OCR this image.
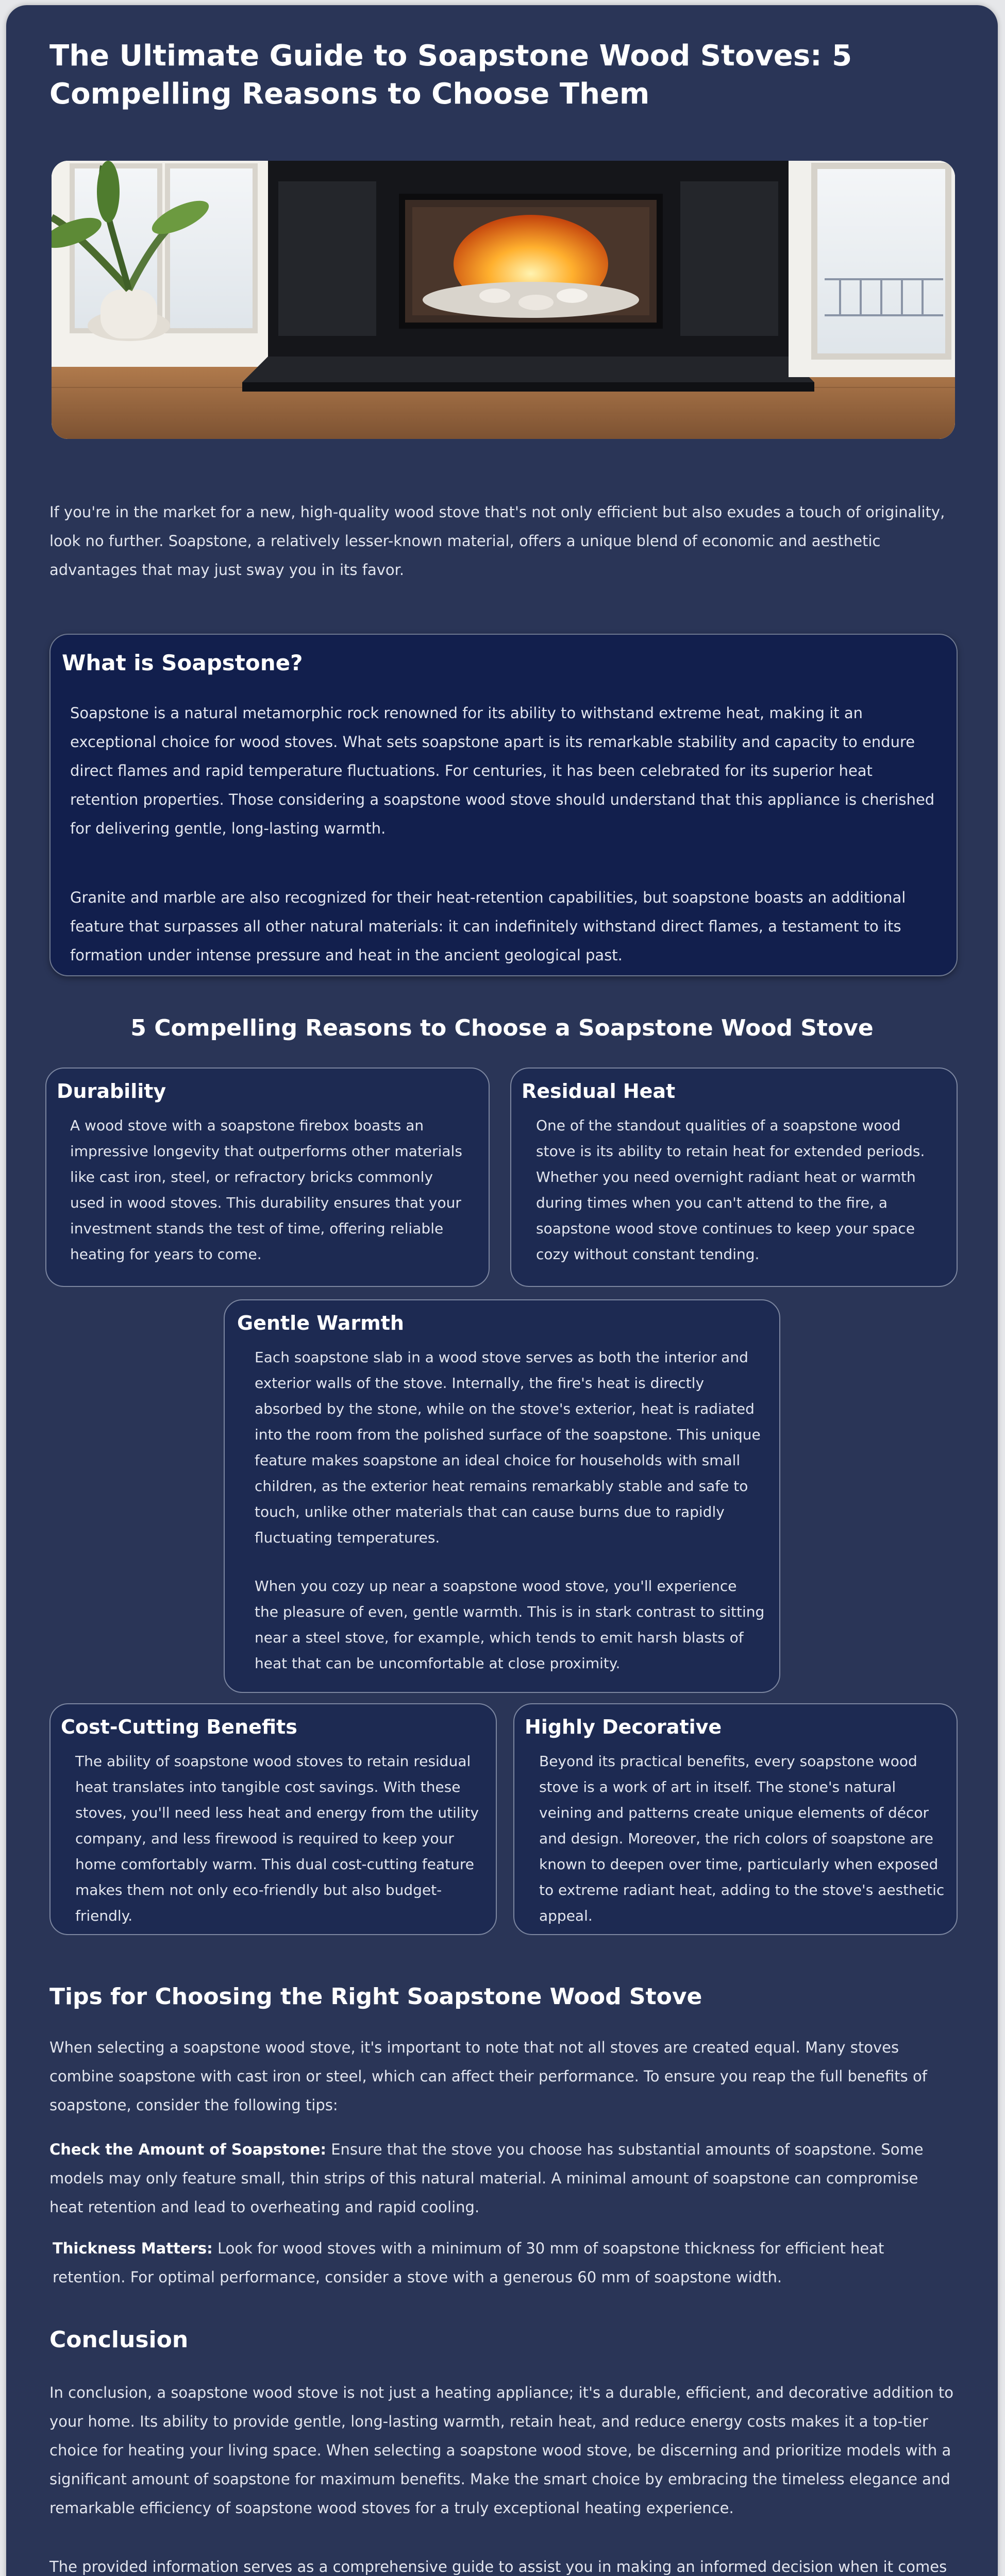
The Ultimate Guide to Soapstone Wood Stoves: 5 Compelling Reasons to Choose Them

If you're in the market for a new, high-quality wood stove that's not only efficient but also exudes a touch of originality, look no further. Soapstone, a relatively lesser-known material, offers a unique blend of economic and aesthetic advantages that may just sway you in its favor.

What is Soapstone?

Soapstone is a natural metamorphic rock renowned for its ability to withstand extreme heat, making it an exceptional choice for wood stoves. What sets soapstone apart is its remarkable stability and capacity to endure direct flames and rapid temperature fluctuations. For centuries, it has been celebrated for its superior heat retention properties. Those considering a soapstone wood stove should understand that this appliance is cherished for delivering gentle, long-lasting warmth.

Granite and marble are also recognized for their heat-retention capabilities, but soapstone boasts an additional feature that surpasses all other natural materials: it can indefinitely withstand direct flames, a testament to its formation under intense pressure and heat in the ancient geological past.

5 Compelling Reasons to Choose a Soapstone Wood Stove
Durability

A wood stove with a soapstone firebox boasts an impressive longevity that outperforms other materials like cast iron, steel, or refractory bricks commonly used in wood stoves. This durability ensures that your investment stands the test of time, offering reliable heating for years to come.

Residual Heat

One of the standout qualities of a soapstone wood stove is its ability to retain heat for extended periods. Whether you need overnight radiant heat or warmth during times when you can't attend to the fire, a soapstone wood stove continues to keep your space cozy without constant tending.

Gentle Warmth

Each soapstone slab in a wood stove serves as both the interior and exterior walls of the stove. Internally, the fire's heat is directly absorbed by the stone, while on the stove's exterior, heat is radiated into the room from the polished surface of the soapstone. This unique feature makes soapstone an ideal choice for households with small children, as the exterior heat remains remarkably stable and safe to touch, unlike other materials that can cause burns due to rapidly fluctuating temperatures.

When you cozy up near a soapstone wood stove, you'll experience the pleasure of even, gentle warmth. This is in stark contrast to sitting near a steel stove, for example, which tends to emit harsh blasts of heat that can be uncomfortable at close proximity.

Cost-Cutting Benefits

The ability of soapstone wood stoves to retain residual heat translates into tangible cost savings. With these stoves, you'll need less heat and energy from the utility company, and less firewood is required to keep your home comfortably warm. This dual cost-cutting feature makes them not only eco-friendly but also budget-friendly.

Highly Decorative

Beyond its practical benefits, every soapstone wood stove is a work of art in itself. The stone's natural veining and patterns create unique elements of décor and design. Moreover, the rich colors of soapstone are known to deepen over time, particularly when exposed to extreme radiant heat, adding to the stove's aesthetic appeal.

Tips for Choosing the Right Soapstone Wood Stove

When selecting a soapstone wood stove, it's important to note that not all stoves are created equal. Many stoves combine soapstone with cast iron or steel, which can affect their performance. To ensure you reap the full benefits of soapstone, consider the following tips:

Check the Amount of Soapstone: Ensure that the stove you choose has substantial amounts of soapstone. Some models may only feature small, thin strips of this natural material. A minimal amount of soapstone can compromise heat retention and lead to overheating and rapid cooling.

Thickness Matters: Look for wood stoves with a minimum of 30 mm of soapstone thickness for efficient heat retention. For optimal performance, consider a stove with a generous 60 mm of soapstone width.

Conclusion

In conclusion, a soapstone wood stove is not just a heating appliance; it's a durable, efficient, and decorative addition to your home. Its ability to provide gentle, long-lasting warmth, retain heat, and reduce energy costs makes it a top-tier choice for heating your living space. When selecting a soapstone wood stove, be discerning and prioritize models with a significant amount of soapstone for maximum benefits. Make the smart choice by embracing the timeless elegance and remarkable efficiency of soapstone wood stoves for a truly exceptional heating experience.

The provided information serves as a comprehensive guide to assist you in making an informed decision when it comes
